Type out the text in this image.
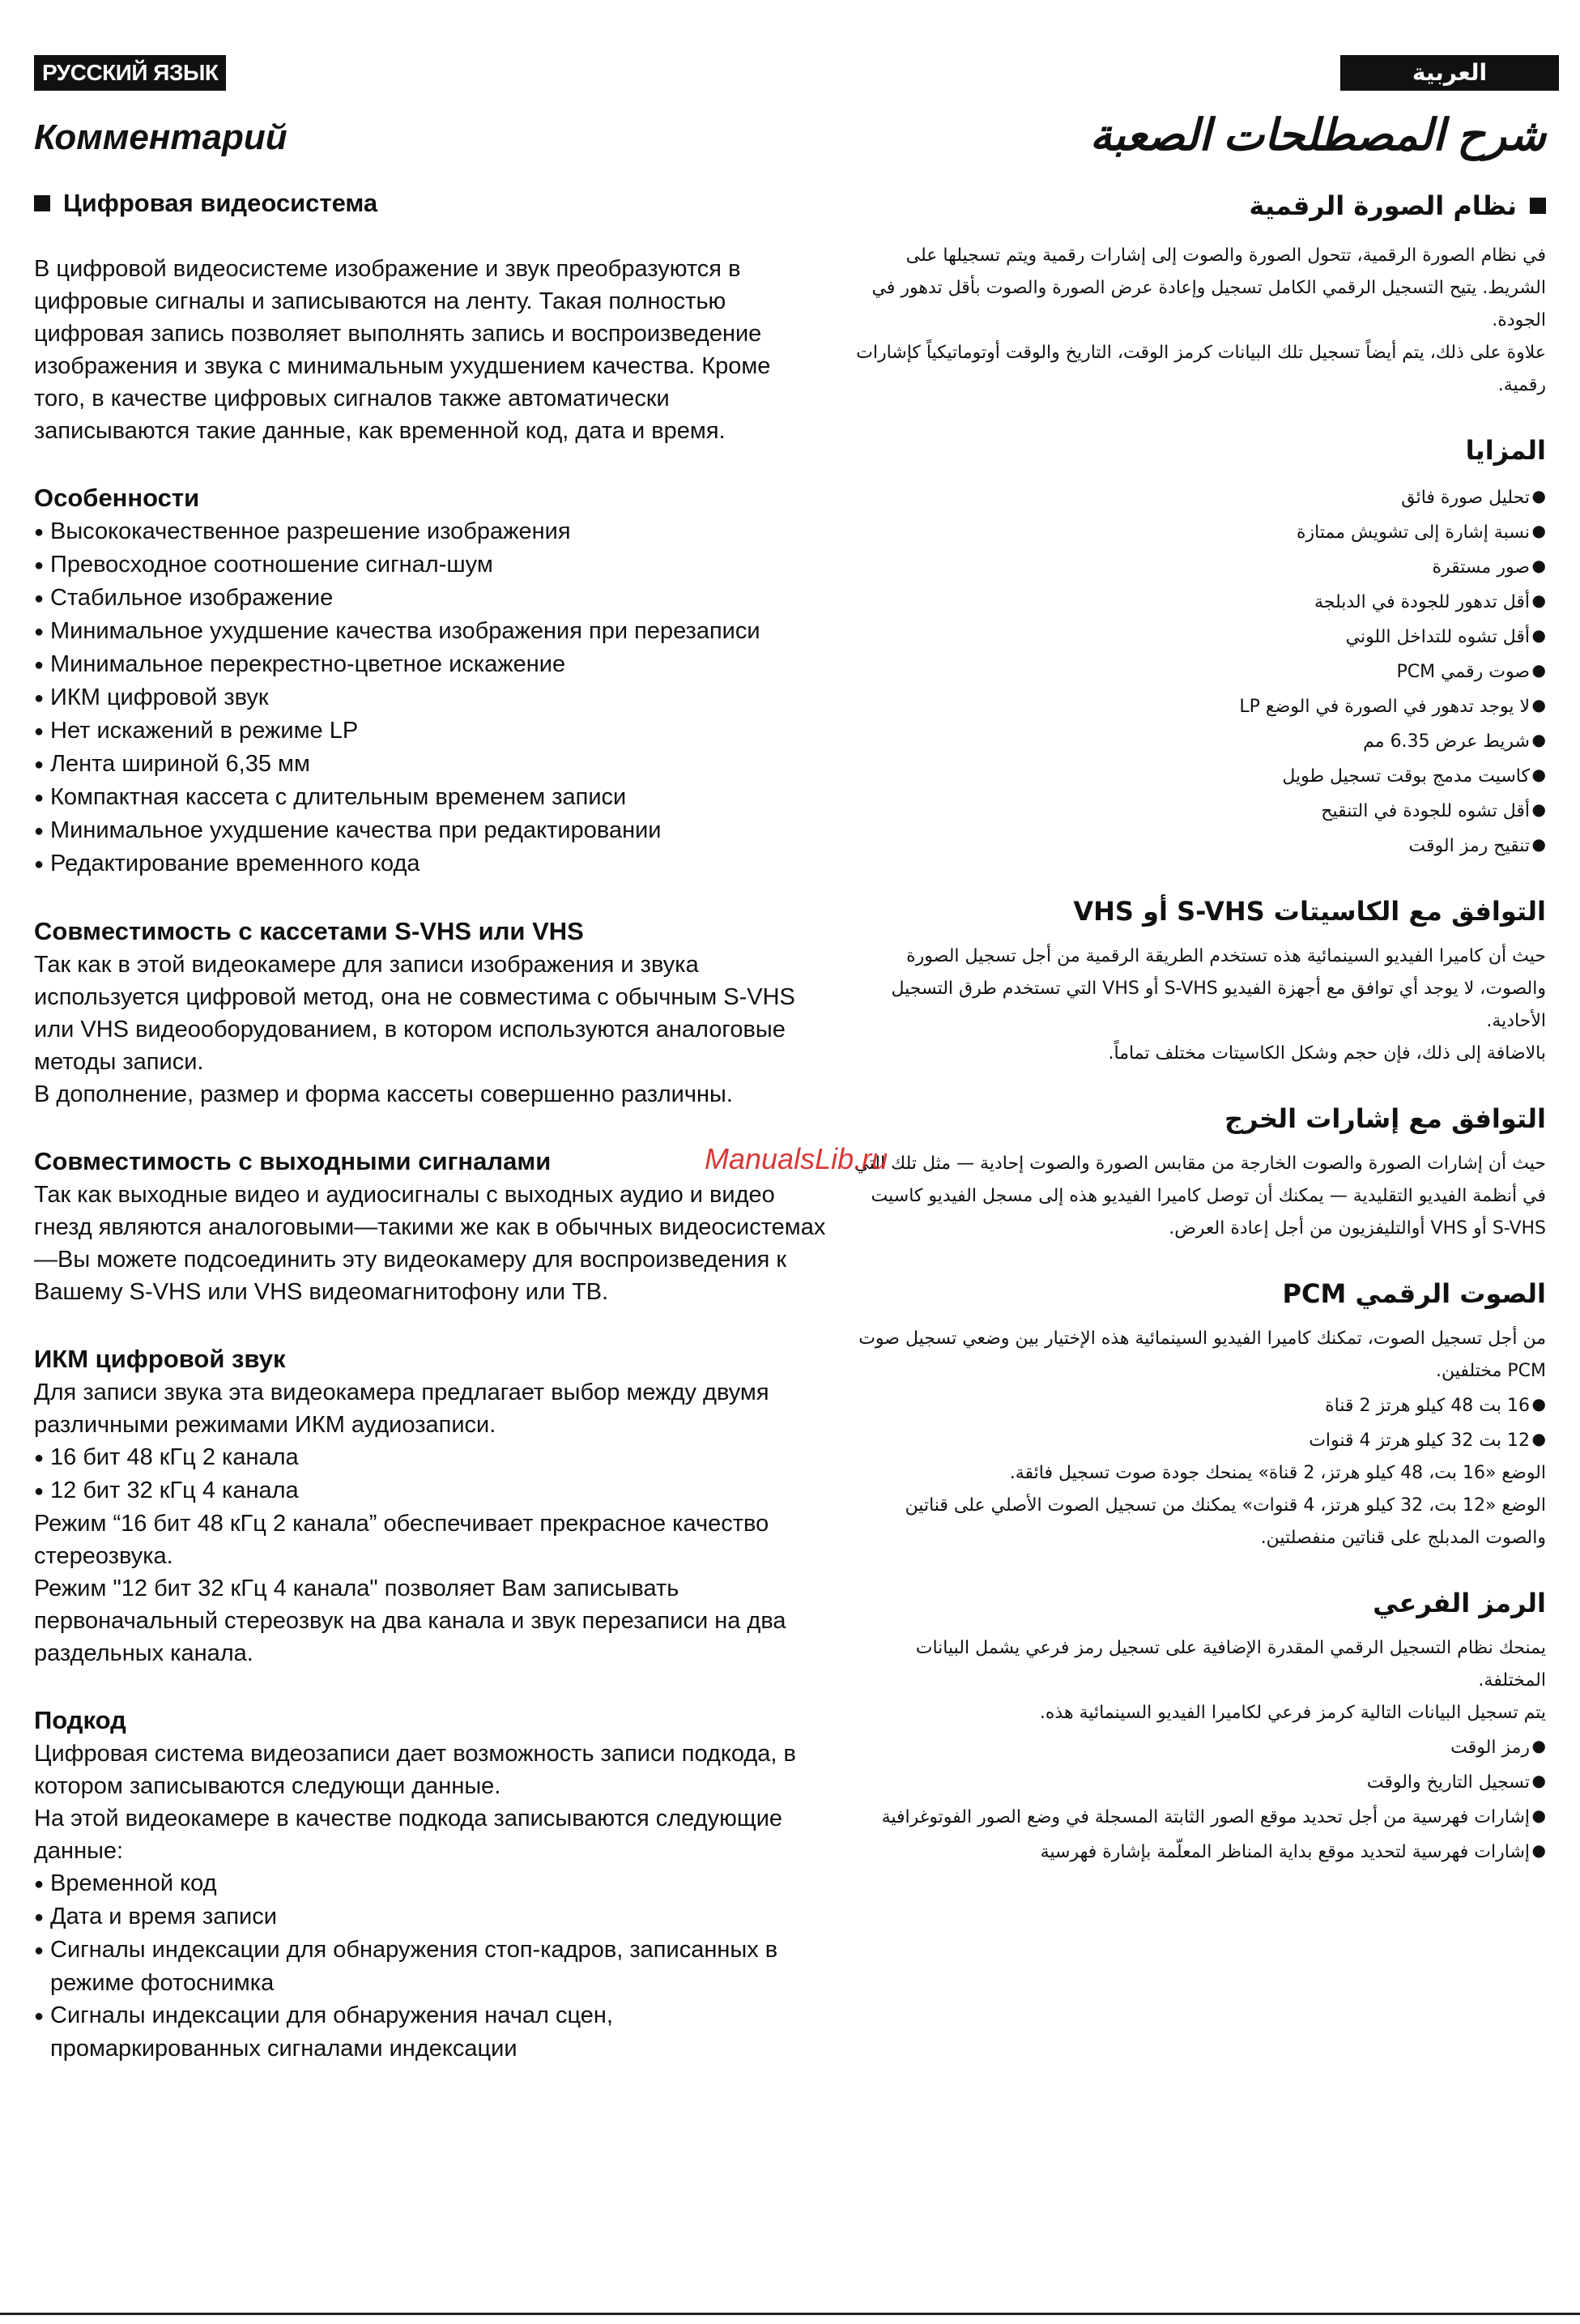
РУССКИЙ ЯЗЫК	العربية
Комментарий	شرح المصطلحات الصعبة
Цифровая видеосистема

В цифровой видеосистеме изображение и звук преобразуются в цифровые сигналы и записываются на ленту. Такая полностью цифровая запись позволяет выполнять запись и воспроизведение изображения и звука с минимальным ухудшением качества. Кроме того, в качестве цифровых сигналов также автоматически записываются такие данные, как временной код, дата и время.

Особенности
● Высококачественное разрешение изображения
● Превосходное соотношение сигнал-шум
● Стабильное изображение
● Минимальное ухудшение качества изображения при перезаписи
● Минимальное перекрестно-цветное искажение
● ИКМ цифровой звук
● Нет искажений в режиме LP
● Лента шириной 6,35 мм
● Компактная кассета с длительным временем записи
● Минимальное ухудшение качества при редактировании
● Редактирование временного кода
Совместимость с кассетами S-VHS или VHS

Так как в этой видеокамере для записи изображения и звука используется цифровой метод, она не совместима с обычным S-VHS или VHS видеооборудованием, в котором используются аналоговые методы записи.

В дополнение, размер и форма кассеты совершенно различны.

Совместимость с выходными сигналами

Так как выходные видео и аудиосигналы с выходных аудио и видео гнезд являются аналоговыми—такими же как в обычных видеосистемах—Вы можете подсоединить эту видеокамеру для воспроизведения к Вашему S-VHS или VHS видеомагнитофону или ТВ.

ИКМ цифровой звук

Для записи звука эта видеокамера предлагает выбор между двумя различными режимами ИКМ аудиозаписи.

● 16 бит 48 кГц 2 канала
● 12 бит 32 кГц 4 канала

Режим “16 бит 48 кГц 2 канала” обеспечивает прекрасное качество стереозвука.

Режим "12 бит 32 кГц 4 канала" позволяет Вам записывать первоначальный стереозвук на два канала и звук перезаписи на два раздельных канала.

Подкод

Цифровая система видеозаписи дает возможность записи подкода, в котором записываются следующи данные.

На этой видеокамере в качестве подкода записываются следующие данные:

● Временной код
● Дата и время записи
● Сигналы индексации для обнаружения стоп-кадров, записанных в режиме фотоснимка
● Сигналы индексации для обнаружения начал сцен, промаркированных сигналами индексации
نظام الصورة الرقمية

في نظام الصورة الرقمية، تتحول الصورة والصوت إلى إشارات رقمية ويتم تسجيلها على الشريط. يتيح التسجيل الرقمي الكامل تسجيل وإعادة عرض الصورة والصوت بأقل تدهور في الجودة.

علاوة على ذلك، يتم أيضاً تسجيل تلك البيانات كرمز الوقت، التاريخ والوقت أوتوماتيكياً كإشارات رقمية.

المزايا
● تحليل صورة فائق
● نسبة إشارة إلى تشويش ممتازة
● صور مستقرة
● أقل تدهور للجودة في الدبلجة
● أقل تشوه للتداخل اللوني
● صوت رقمي PCM
● لا يوجد تدهور في الصورة في الوضع LP
● شريط عرض 6.35 مم
● كاسيت مدمج بوقت تسجيل طويل
● أقل تشوه للجودة في التنقيح
● تنقيح رمز الوقت
التوافق مع الكاسيتات S-VHS أو VHS

حيث أن كاميرا الفيديو السينمائية هذه تستخدم الطريقة الرقمية من أجل تسجيل الصورة والصوت، لا يوجد أي توافق مع أجهزة الفيديو S-VHS أو VHS التي تستخدم طرق التسجيل الأحادية.

بالاضافة إلى ذلك، فإن حجم وشكل الكاسيتات مختلف تماماً.

التوافق مع إشارات الخرج

حيث أن إشارات الصورة والصوت الخارجة من مقابس الصورة والصوت إحادية — مثل تلك التي في أنظمة الفيديو التقليدية — يمكنك أن توصل كاميرا الفيديو هذه إلى مسجل الفيديو كاسيت S-VHS أو VHS أوالتليفزيون من أجل إعادة العرض.

الصوت الرقمي PCM

من أجل تسجيل الصوت، تمكنك كاميرا الفيديو السينمائية هذه الإختيار بين وضعي تسجيل صوت PCM مختلفين.

● 16 بت 48 كيلو هرتز 2 قناة
● 12 بت 32 كيلو هرتز 4 قنوات

الوضع «16 بت، 48 كيلو هرتز، 2 قناة» يمنحك جودة صوت تسجيل فائقة.

الوضع «12 بت، 32 كيلو هرتز، 4 قنوات» يمكنك من تسجيل الصوت الأصلي على قناتين والصوت المدبلج على قناتين منفصلتين.

الرمز الفرعي

يمنحك نظام التسجيل الرقمي المقدرة الإضافية على تسجيل رمز فرعي يشمل البيانات المختلفة.

يتم تسجيل البيانات التالية كرمز فرعي لكاميرا الفيديو السينمائية هذه.

● رمز الوقت
● تسجيل التاريخ والوقت
● إشارات فهرسية من أجل تحديد موقع الصور الثابتة المسجلة في وضع الصور الفوتوغرافية
● إشارات فهرسية لتحديد موقع بداية المناظر المعلّمة بإشارة فهرسية
ManualsLib.ru
